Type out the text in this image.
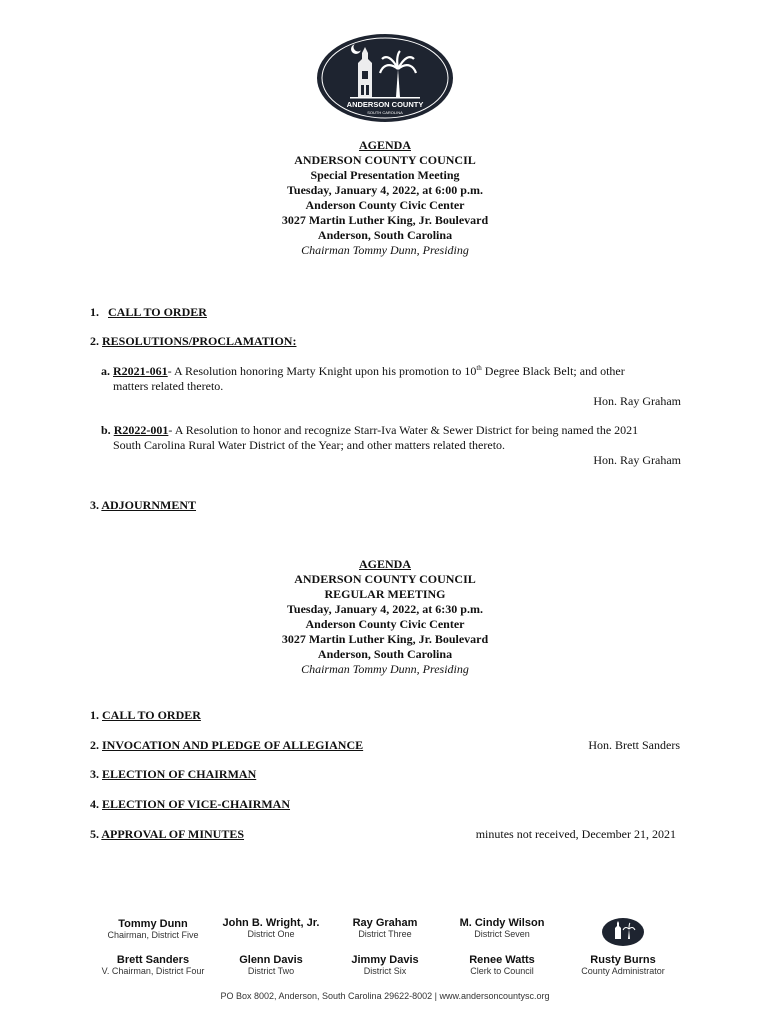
ANDERSON COUNTY
SOUTH CAROLINA
AGENDA
ANDERSON COUNTY COUNCIL
Special Presentation Meeting
Tuesday, January 4, 2022, at 6:00 p.m.
Anderson County Civic Center
3027 Martin Luther King, Jr. Boulevard
Anderson, South Carolina
Chairman Tommy Dunn, Presiding
1. CALL TO ORDER
2. RESOLUTIONS/PROCLAMATION:
a. R2021-061- A Resolution honoring Marty Knight upon his promotion to 10th Degree Black Belt; and other
matters related thereto.
Hon. Ray Graham
b. R2022-001- A Resolution to honor and recognize Starr-Iva Water & Sewer District for being named the 2021
South Carolina Rural Water District of the Year; and other matters related thereto.
Hon. Ray Graham
3. ADJOURNMENT
AGENDA
ANDERSON COUNTY COUNCIL
REGULAR MEETING
Tuesday, January 4, 2022, at 6:30 p.m.
Anderson County Civic Center
3027 Martin Luther King, Jr. Boulevard
Anderson, South Carolina
Chairman Tommy Dunn, Presiding
1. CALL TO ORDER
2. INVOCATION AND PLEDGE OF ALLEGIANCE	Hon. Brett Sanders
3. ELECTION OF CHAIRMAN
4. ELECTION OF VICE-CHAIRMAN
5. APPROVAL OF MINUTES	minutes not received, December 21, 2021
Tommy Dunn
Chairman, District Five
John B. Wright, Jr.
District One
Ray Graham
District Three
M. Cindy Wilson
District Seven
Brett Sanders
V. Chairman, District Four
Glenn Davis
District Two
Jimmy Davis
District Six
Renee Watts
Clerk to Council
Rusty Burns
County Administrator
PO Box 8002, Anderson, South Carolina 29622-8002 | www.andersoncountysc.org
